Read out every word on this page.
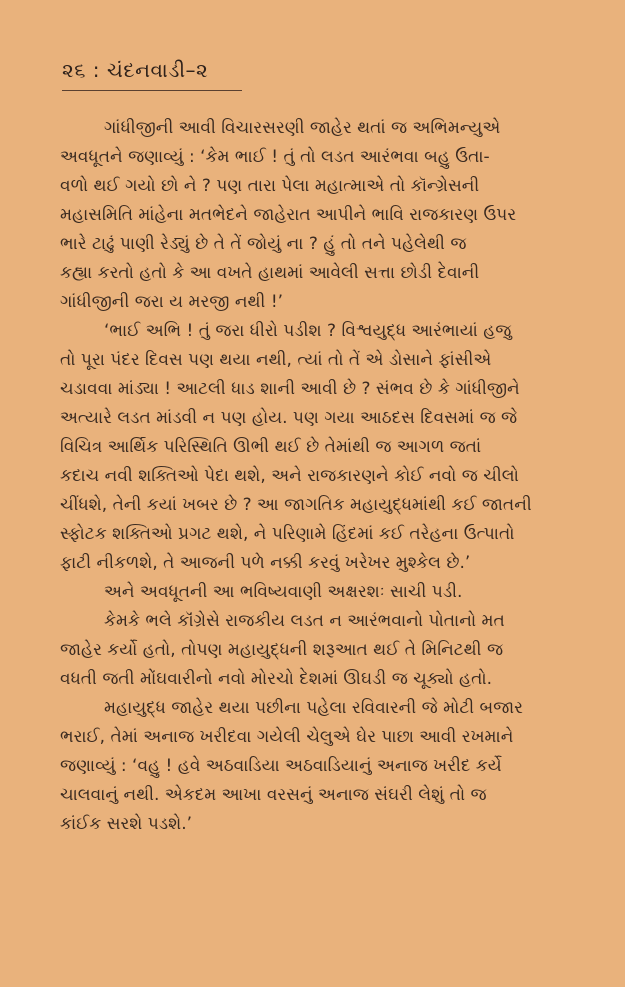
૨૬ : ચંદનવાડી–૨
ગાંધીજીની આવી વિચારસરણી જાહેર થતાં જ અભિમન્યુએ
અવધૂતને જણાવ્યું : ‘કેમ ભાઈ ! તું તો લડત આરંભવા બહુ ઉતા-
વળો થઈ ગયો છો ને ? પણ તારા પેલા મહાત્માએ તો કૉન્ગ્રેસની
મહાસમિતિ માંહેના મતભેદને જાહેરાત આપીને ભાવિ રાજકારણ ઉપર
ભારે ટાઢું પાણી રેડ્યું છે તે તેં જોયું ના ? હું તો તને પહેલેથી જ
કહ્યા કરતો હતો કે આ વખતે હાથમાં આવેલી સત્તા છોડી દેવાની
ગાંધીજીની જરા ય મરજી નથી !’
‘ભાઈ અભિ ! તું જરા ધીરો પડીશ ? વિશ્વયુદ્ધ આરંભાયાં હજુ
તો પૂરા પંદર દિવસ પણ થયા નથી, ત્યાં તો તેં એ ડોસાને ફાંસીએ
ચડાવવા માંડ્યા ! આટલી ધાડ શાની આવી છે ? સંભવ છે કે ગાંધીજીને
અત્યારે લડત માંડવી ન પણ હોય. પણ ગયા આઠદસ દિવસમાં જ જે
વિચિત્ર આર્થિક પરિસ્થિતિ ઊભી થઈ છે તેમાંથી જ આગળ જતાં
કદાચ નવી શક્તિઓ પેદા થશે, અને રાજકારણને કોઈ નવો જ ચીલો
ચીંધશે, તેની કયાં ખબર છે ? આ જાગતિક મહાયુદ્ધમાંથી કઈ જાતની
સ્ફોટક શક્તિઓ પ્રગટ થશે, ને પરિણામે હિંદમાં કઈ તરેહના ઉત્પાતો
ફાટી નીકળશે, તે આજની પળે નક્કી કરવું ખરેખર મુશ્કેલ છે.’
અને અવધૂતની આ ભવિષ્યવાણી અક્ષરશઃ સાચી પડી.
કેમકે ભલે કૉંગ્રેસે રાજકીય લડત ન આરંભવાનો પોતાનો મત
જાહેર કર્યો હતો, તોપણ મહાયુદ્ધની શરૂઆત થઈ તે મિનિટથી જ
વધતી જતી મોંઘવારીનો નવો મોરચો દેશમાં ઊઘડી જ ચૂક્યો હતો.
મહાયુદ્ધ જાહેર થયા પછીના પહેલા રવિવારની જે મોટી બજાર
ભરાઈ, તેમાં અનાજ ખરીદવા ગયેલી ચેલુએ ઘેર પાછા આવી રખમાને
જણાવ્યું : ‘વહુ ! હવે અઠવાડિયા અઠવાડિયાનું અનાજ ખરીદ કર્યે
ચાલવાનું નથી. એકદમ આખા વરસનું અનાજ સંઘરી લેશું તો જ
કાંઈક સરશે પડશે.’
